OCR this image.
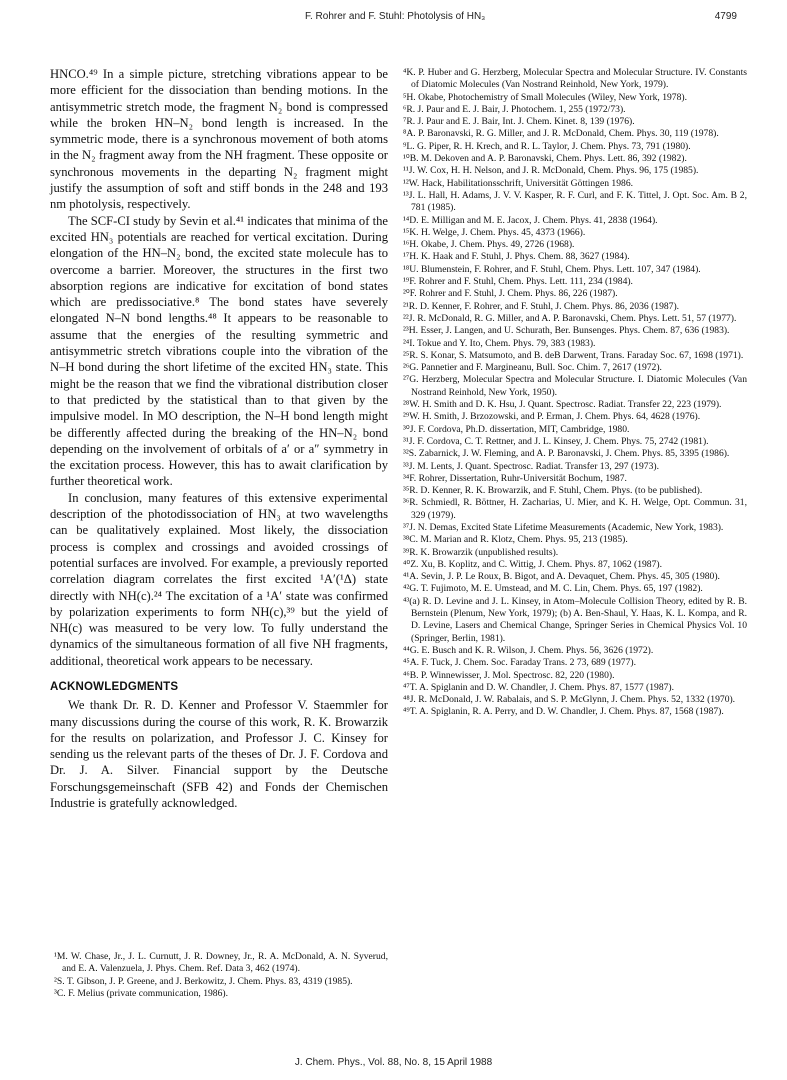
F. Rohrer and F. Stuhl: Photolysis of HN₃	4799

HNCO.⁴⁹ In a simple picture, stretching vibrations appear to be more efficient for the dissociation than bending motions. In the antisymmetric stretch mode, the fragment N₂ bond is compressed while the broken HN–N₂ bond length is increased. In the symmetric mode, there is a synchronous movement of both atoms in the N₂ fragment away from the NH fragment. These opposite or synchronous movements in the departing N₂ fragment might justify the assumption of soft and stiff bonds in the 248 and 193 nm photolysis, respectively.

The SCF-CI study by Sevin et al.⁴¹ indicates that minima of the excited HN₃ potentials are reached for vertical excitation. During elongation of the HN–N₂ bond, the excited state molecule has to overcome a barrier. Moreover, the structures in the first two absorption regions are indicative for excitation of bond states which are predissociative.⁸ The bond states have severely elongated N–N bond lengths.⁴⁸ It appears to be reasonable to assume that the energies of the resulting symmetric and antisymmetric stretch vibrations couple into the vibration of the N–H bond during the short lifetime of the excited HN₃ state. This might be the reason that we find the vibrational distribution closer to that predicted by the statistical than to that given by the impulsive model. In MO description, the N–H bond length might be differently affected during the breaking of the HN–N₂ bond depending on the involvement of orbitals of a′ or a″ symmetry in the excitation process. However, this has to await clarification by further theoretical work.

In conclusion, many features of this extensive experimental description of the photodissociation of HN₃ at two wavelengths can be qualitatively explained. Most likely, the dissociation process is complex and crossings and avoided crossings of potential surfaces are involved. For example, a previously reported correlation diagram correlates the first excited ¹A′(¹Δ) state directly with NH(c).²⁴ The excitation of a ¹A′ state was confirmed by polarization experiments to form NH(c),³⁹ but the yield of NH(c) was measured to be very low. To fully understand the dynamics of the simultaneous formation of all five NH fragments, additional, theoretical work appears to be necessary.

ACKNOWLEDGMENTS

We thank Dr. R. D. Kenner and Professor V. Staemmler for many discussions during the course of this work, R. K. Browarzik for the results on polarization, and Professor J. C. Kinsey for sending us the relevant parts of the theses of Dr. J. F. Cordova and Dr. J. A. Silver. Financial support by the Deutsche Forschungsgemeinschaft (SFB 42) and Fonds der Chemischen Industrie is gratefully acknowledged.

¹M. W. Chase, Jr., J. L. Curnutt, J. R. Downey, Jr., R. A. McDonald, A. N. Syverud, and E. A. Valenzuela, J. Phys. Chem. Ref. Data 3, 462 (1974).
²S. T. Gibson, J. P. Greene, and J. Berkowitz, J. Chem. Phys. 83, 4319 (1985).
³C. F. Melius (private communication, 1986).
⁴K. P. Huber and G. Herzberg, Molecular Spectra and Molecular Structure. IV. Constants of Diatomic Molecules (Van Nostrand Reinhold, New York, 1979).
⁵H. Okabe, Photochemistry of Small Molecules (Wiley, New York, 1978).
⁶R. J. Paur and E. J. Bair, J. Photochem. 1, 255 (1972/73).
⁷R. J. Paur and E. J. Bair, Int. J. Chem. Kinet. 8, 139 (1976).
⁸A. P. Baronavski, R. G. Miller, and J. R. McDonald, Chem. Phys. 30, 119 (1978).
⁹L. G. Piper, R. H. Krech, and R. L. Taylor, J. Chem. Phys. 73, 791 (1980).
¹⁰B. M. Dekoven and A. P. Baronavski, Chem. Phys. Lett. 86, 392 (1982).
¹¹J. W. Cox, H. H. Nelson, and J. R. McDonald, Chem. Phys. 96, 175 (1985).
¹²W. Hack, Habilitationsschrift, Universität Göttingen 1986.
¹³J. L. Hall, H. Adams, J. V. V. Kasper, R. F. Curl, and F. K. Tittel, J. Opt. Soc. Am. B 2, 781 (1985).
¹⁴D. E. Milligan and M. E. Jacox, J. Chem. Phys. 41, 2838 (1964).
¹⁵K. H. Welge, J. Chem. Phys. 45, 4373 (1966).
¹⁶H. Okabe, J. Chem. Phys. 49, 2726 (1968).
¹⁷H. K. Haak and F. Stuhl, J. Phys. Chem. 88, 3627 (1984).
¹⁸U. Blumenstein, F. Rohrer, and F. Stuhl, Chem. Phys. Lett. 107, 347 (1984).
¹⁹F. Rohrer and F. Stuhl, Chem. Phys. Lett. 111, 234 (1984).
²⁰F. Rohrer and F. Stuhl, J. Chem. Phys. 86, 226 (1987).
²¹R. D. Kenner, F. Rohrer, and F. Stuhl, J. Chem. Phys. 86, 2036 (1987).
²²J. R. McDonald, R. G. Miller, and A. P. Baronavski, Chem. Phys. Lett. 51, 57 (1977).
²³H. Esser, J. Langen, and U. Schurath, Ber. Bunsenges. Phys. Chem. 87, 636 (1983).
²⁴I. Tokue and Y. Ito, Chem. Phys. 79, 383 (1983).
²⁵R. S. Konar, S. Matsumoto, and B. deB Darwent, Trans. Faraday Soc. 67, 1698 (1971).
²⁶G. Pannetier and F. Margineanu, Bull. Soc. Chim. 7, 2617 (1972).
²⁷G. Herzberg, Molecular Spectra and Molecular Structure. I. Diatomic Molecules (Van Nostrand Reinhold, New York, 1950).
²⁸W. H. Smith and D. K. Hsu, J. Quant. Spectrosc. Radiat. Transfer 22, 223 (1979).
²⁹W. H. Smith, J. Brzozowski, and P. Erman, J. Chem. Phys. 64, 4628 (1976).
³⁰J. F. Cordova, Ph.D. dissertation, MIT, Cambridge, 1980.
³¹J. F. Cordova, C. T. Rettner, and J. L. Kinsey, J. Chem. Phys. 75, 2742 (1981).
³²S. Zabarnick, J. W. Fleming, and A. P. Baronavski, J. Chem. Phys. 85, 3395 (1986).
³³J. M. Lents, J. Quant. Spectrosc. Radiat. Transfer 13, 297 (1973).
³⁴F. Rohrer, Dissertation, Ruhr-Universität Bochum, 1987.
³⁵R. D. Kenner, R. K. Browarzik, and F. Stuhl, Chem. Phys. (to be published).
³⁶R. Schmiedl, R. Böttner, H. Zacharias, U. Mier, and K. H. Welge, Opt. Commun. 31, 329 (1979).
³⁷J. N. Demas, Excited State Lifetime Measurements (Academic, New York, 1983).
³⁸C. M. Marian and R. Klotz, Chem. Phys. 95, 213 (1985).
³⁹R. K. Browarzik (unpublished results).
⁴⁰Z. Xu, B. Koplitz, and C. Wittig, J. Chem. Phys. 87, 1062 (1987).
⁴¹A. Sevin, J. P. Le Roux, B. Bigot, and A. Devaquet, Chem. Phys. 45, 305 (1980).
⁴²G. T. Fujimoto, M. E. Umstead, and M. C. Lin, Chem. Phys. 65, 197 (1982).
⁴³(a) R. D. Levine and J. L. Kinsey, in Atom–Molecule Collision Theory, edited by R. B. Bernstein (Plenum, New York, 1979); (b) A. Ben-Shaul, Y. Haas, K. L. Kompa, and R. D. Levine, Lasers and Chemical Change, Springer Series in Chemical Physics Vol. 10 (Springer, Berlin, 1981).
⁴⁴G. E. Busch and K. R. Wilson, J. Chem. Phys. 56, 3626 (1972).
⁴⁵A. F. Tuck, J. Chem. Soc. Faraday Trans. 2 73, 689 (1977).
⁴⁶B. P. Winnewisser, J. Mol. Spectrosc. 82, 220 (1980).
⁴⁷T. A. Spiglanin and D. W. Chandler, J. Chem. Phys. 87, 1577 (1987).
⁴⁸J. R. McDonald, J. W. Rabalais, and S. P. McGlynn, J. Chem. Phys. 52, 1332 (1970).
⁴⁹T. A. Spiglanin, R. A. Perry, and D. W. Chandler, J. Chem. Phys. 87, 1568 (1987).
J. Chem. Phys., Vol. 88, No. 8, 15 April 1988
